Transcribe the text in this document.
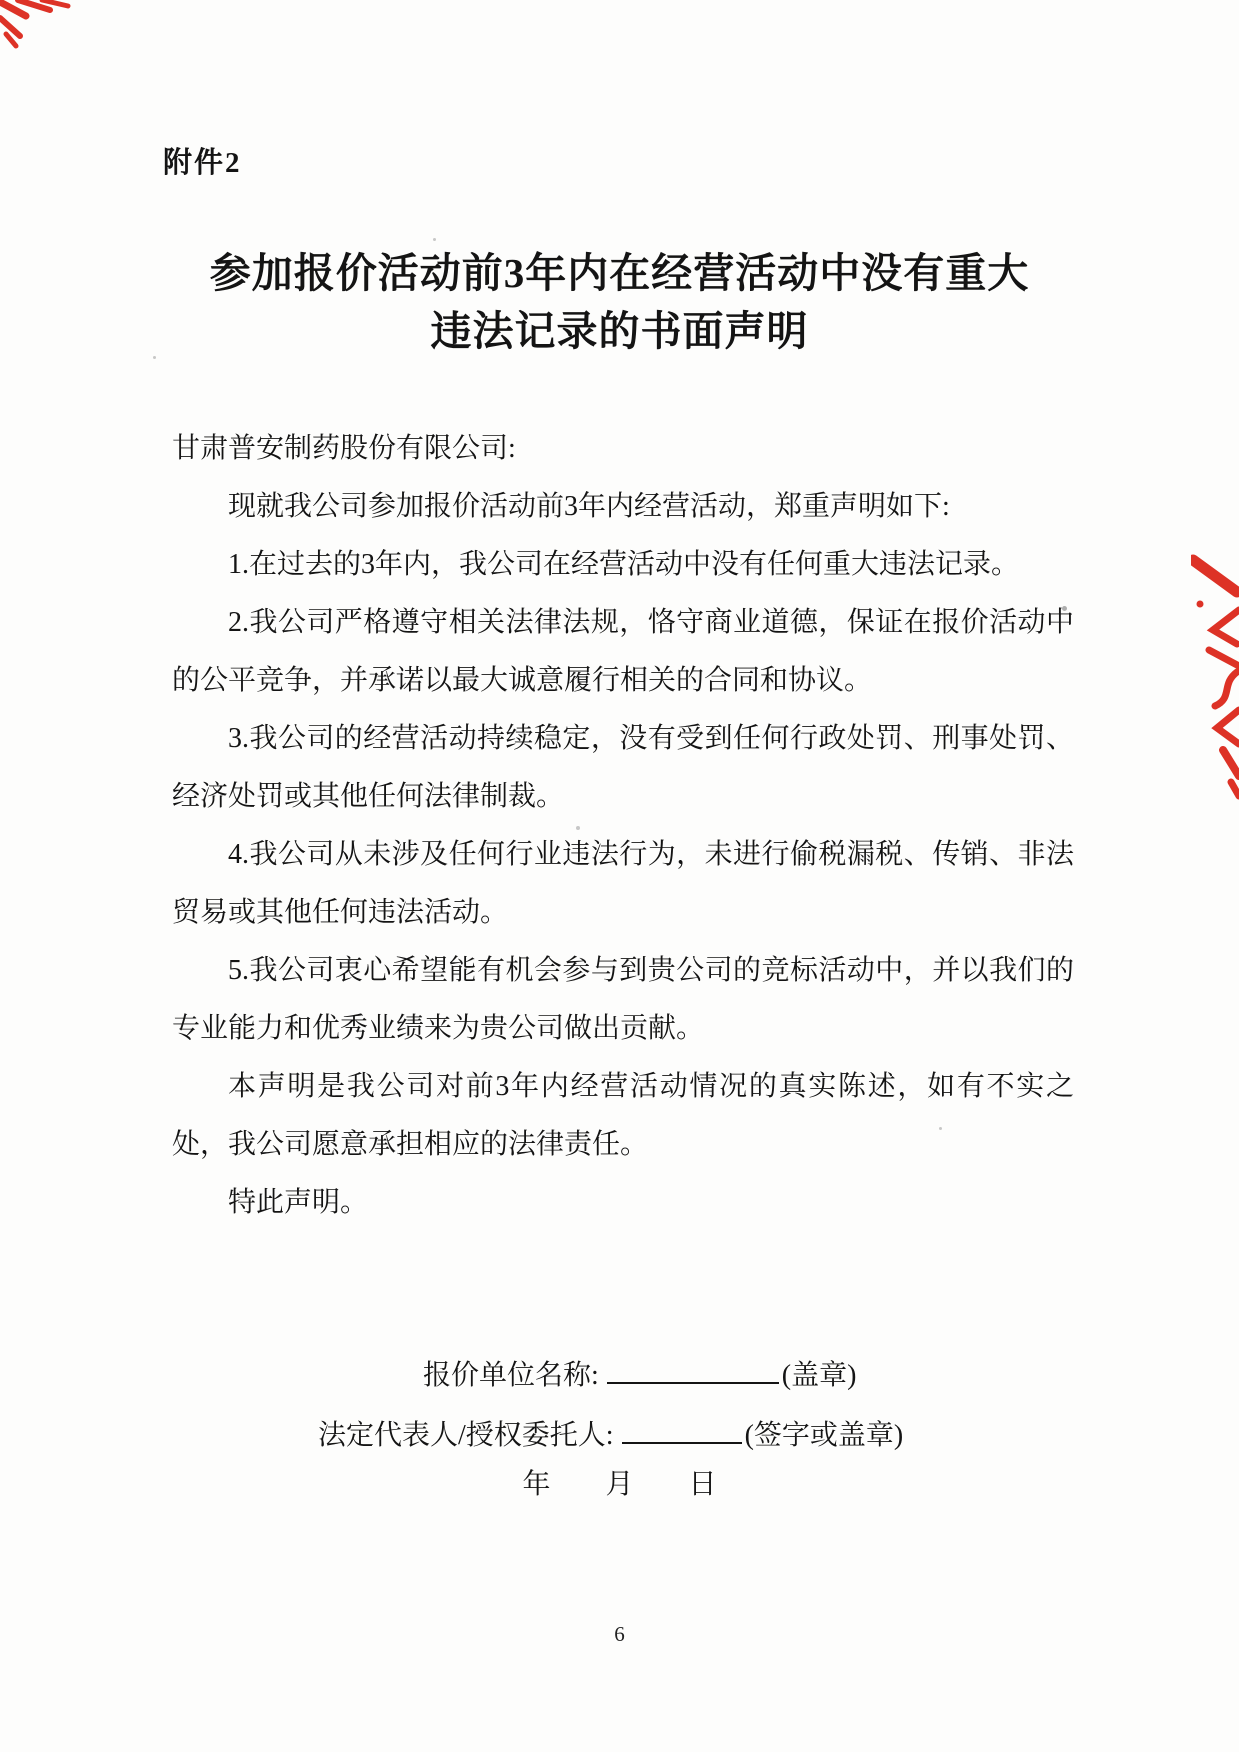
附件2
参加报价活动前3年内在经营活动中没有重大
违法记录的书面声明

甘肃普安制药股份有限公司:

现就我公司参加报价活动前3年内经营活动，郑重声明如下:

1.在过去的3年内，我公司在经营活动中没有任何重大违法记录。

2.我公司严格遵守相关法律法规，恪守商业道德，保证在报价活动中的公平竞争，并承诺以最大诚意履行相关的合同和协议。

3.我公司的经营活动持续稳定，没有受到任何行政处罚、刑事处罚、经济处罚或其他任何法律制裁。

4.我公司从未涉及任何行业违法行为，未进行偷税漏税、传销、非法贸易或其他任何违法活动。

5.我公司衷心希望能有机会参与到贵公司的竞标活动中，并以我们的专业能力和优秀业绩来为贵公司做出贡献。

本声明是我公司对前3年内经营活动情况的真实陈述，如有不实之处，我公司愿意承担相应的法律责任。

特此声明。

报价单位名称:	(盖章)
法定代表人/授权委托人:	(签字或盖章)
年 月 日
6
